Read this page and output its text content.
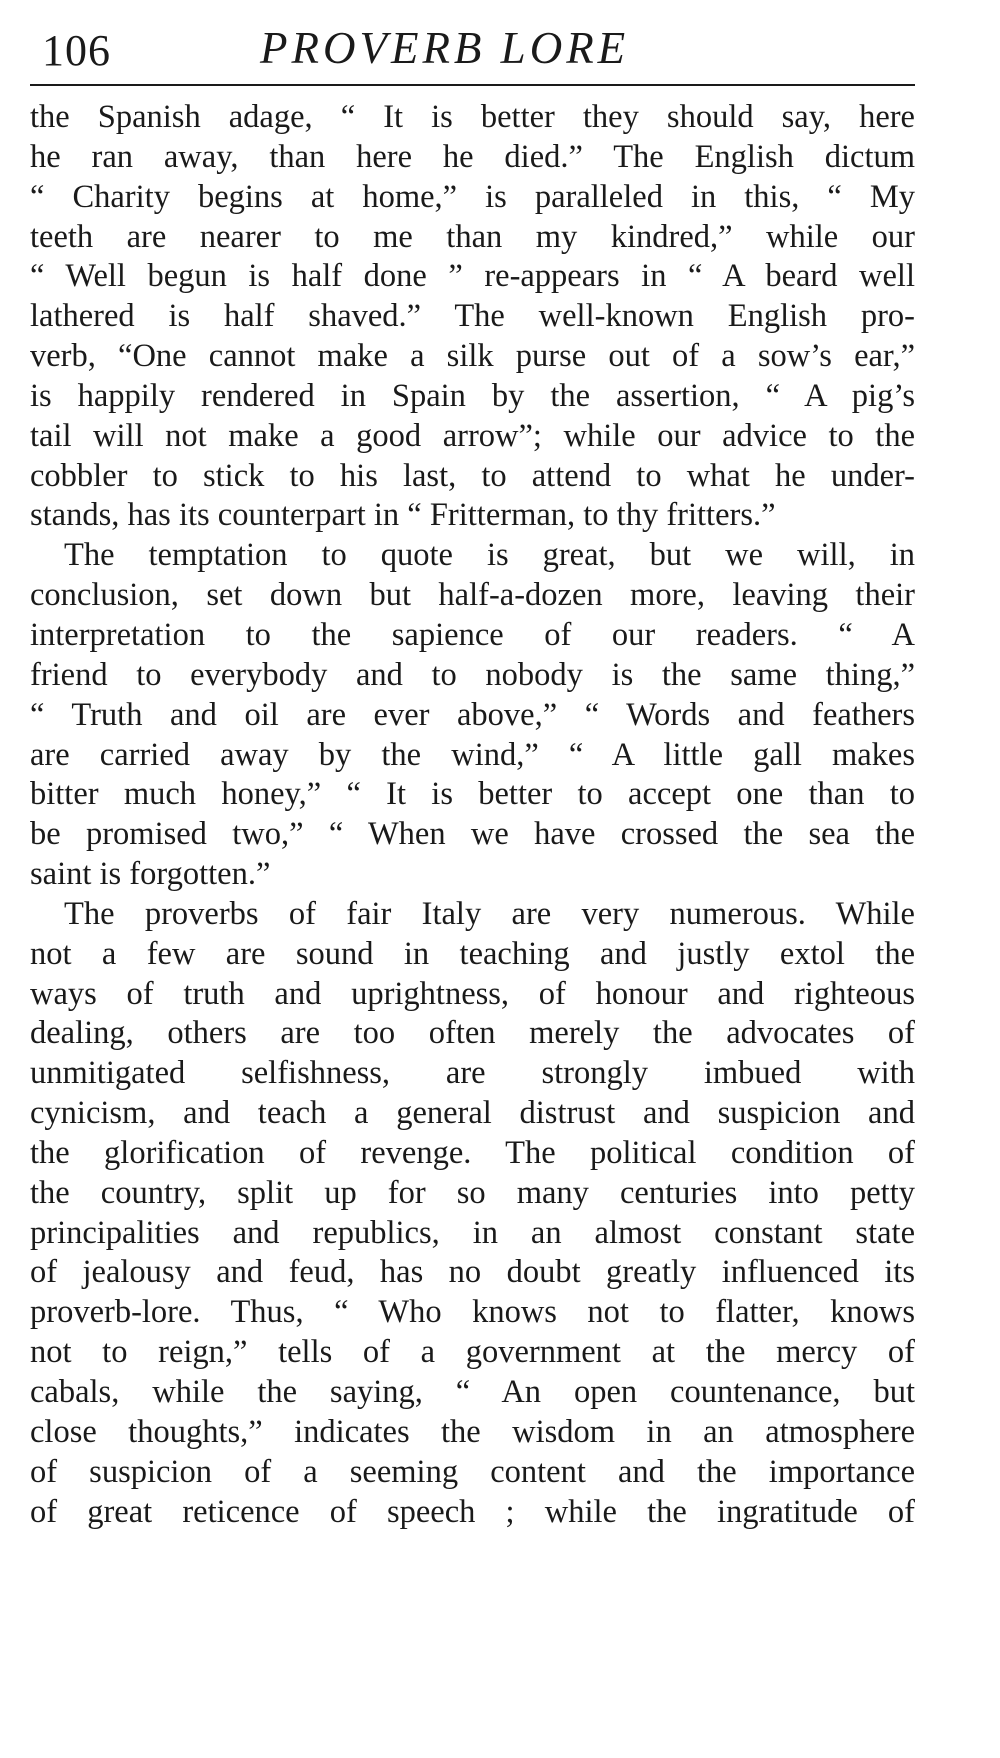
106	PROVERB LORE
the Spanish adage, “ It is better they should say, here
he ran away, than here he died.” The English dictum
“ Charity begins at home,” is paralleled in this, “ My
teeth are nearer to me than my kindred,” while our
“ Well begun is half done ” re-appears in “ A beard well
lathered is half shaved.” The well-known English pro-
verb, “One cannot make a silk purse out of a sow’s ear,”
is happily rendered in Spain by the assertion, “ A pig’s
tail will not make a good arrow”; while our advice to the
cobbler to stick to his last, to attend to what he under-
stands, has its counterpart in “ Fritterman, to thy fritters.”
The temptation to quote is great, but we will, in
conclusion, set down but half-a-dozen more, leaving their
interpretation to the sapience of our readers. “ A
friend to everybody and to nobody is the same thing,”
“ Truth and oil are ever above,” “ Words and feathers
are carried away by the wind,” “ A little gall makes
bitter much honey,” “ It is better to accept one than to
be promised two,” “ When we have crossed the sea the
saint is forgotten.”
The proverbs of fair Italy are very numerous. While
not a few are sound in teaching and justly extol the
ways of truth and uprightness, of honour and righteous
dealing, others are too often merely the advocates of
unmitigated selfishness, are strongly imbued with
cynicism, and teach a general distrust and suspicion and
the glorification of revenge. The political condition of
the country, split up for so many centuries into petty
principalities and republics, in an almost constant state
of jealousy and feud, has no doubt greatly influenced its
proverb-lore. Thus, “ Who knows not to flatter, knows
not to reign,” tells of a government at the mercy of
cabals, while the saying, “ An open countenance, but
close thoughts,” indicates the wisdom in an atmosphere
of suspicion of a seeming content and the importance
of great reticence of speech ; while the ingratitude of
